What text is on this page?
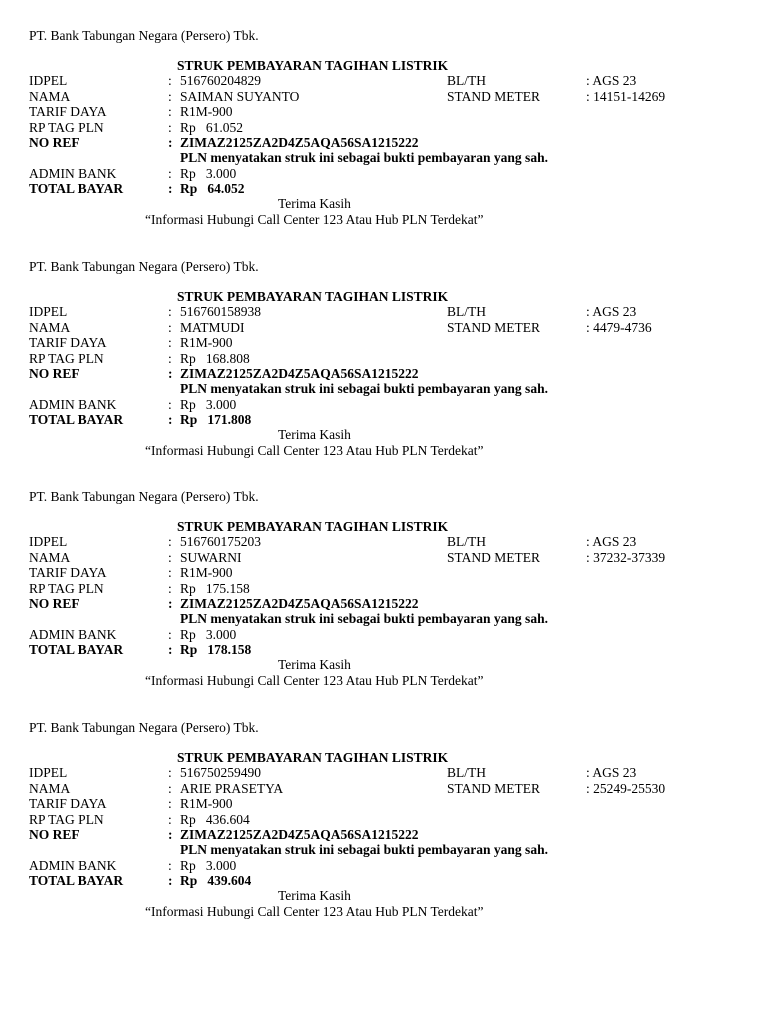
PT. Bank Tabungan Negara (Persero) Tbk.
STRUK PEMBAYARAN TAGIHAN LISTRIK
IDPEL	: 516760204829	BL/TH	: AGS 23
NAMA	: SAIMAN SUYANTO	STAND METER	: 14151-14269
TARIF DAYA	: R1M-900
RP TAG PLN	: Rp   61.052
NO REF	: ZIMAZ2125ZA2D4Z5AQA56SA1215222
PLN menyatakan struk ini sebagai bukti pembayaran yang sah.
ADMIN BANK	: Rp   3.000
TOTAL BAYAR	: Rp   64.052
Terima Kasih
“Informasi Hubungi Call Center 123 Atau Hub PLN Terdekat”
PT. Bank Tabungan Negara (Persero) Tbk.
STRUK PEMBAYARAN TAGIHAN LISTRIK
IDPEL	: 516760158938	BL/TH	: AGS 23
NAMA	: MATMUDI	STAND METER	: 4479-4736
TARIF DAYA	: R1M-900
RP TAG PLN	: Rp   168.808
NO REF	: ZIMAZ2125ZA2D4Z5AQA56SA1215222
PLN menyatakan struk ini sebagai bukti pembayaran yang sah.
ADMIN BANK	: Rp   3.000
TOTAL BAYAR	: Rp   171.808
Terima Kasih
“Informasi Hubungi Call Center 123 Atau Hub PLN Terdekat”
PT. Bank Tabungan Negara (Persero) Tbk.
STRUK PEMBAYARAN TAGIHAN LISTRIK
IDPEL	: 516760175203	BL/TH	: AGS 23
NAMA	: SUWARNI	STAND METER	: 37232-37339
TARIF DAYA	: R1M-900
RP TAG PLN	: Rp   175.158
NO REF	: ZIMAZ2125ZA2D4Z5AQA56SA1215222
PLN menyatakan struk ini sebagai bukti pembayaran yang sah.
ADMIN BANK	: Rp   3.000
TOTAL BAYAR	: Rp   178.158
Terima Kasih
“Informasi Hubungi Call Center 123 Atau Hub PLN Terdekat”
PT. Bank Tabungan Negara (Persero) Tbk.
STRUK PEMBAYARAN TAGIHAN LISTRIK
IDPEL	: 516750259490	BL/TH	: AGS 23
NAMA	: ARIE PRASETYA	STAND METER	: 25249-25530
TARIF DAYA	: R1M-900
RP TAG PLN	: Rp   436.604
NO REF	: ZIMAZ2125ZA2D4Z5AQA56SA1215222
PLN menyatakan struk ini sebagai bukti pembayaran yang sah.
ADMIN BANK	: Rp   3.000
TOTAL BAYAR	: Rp   439.604
Terima Kasih
“Informasi Hubungi Call Center 123 Atau Hub PLN Terdekat”
